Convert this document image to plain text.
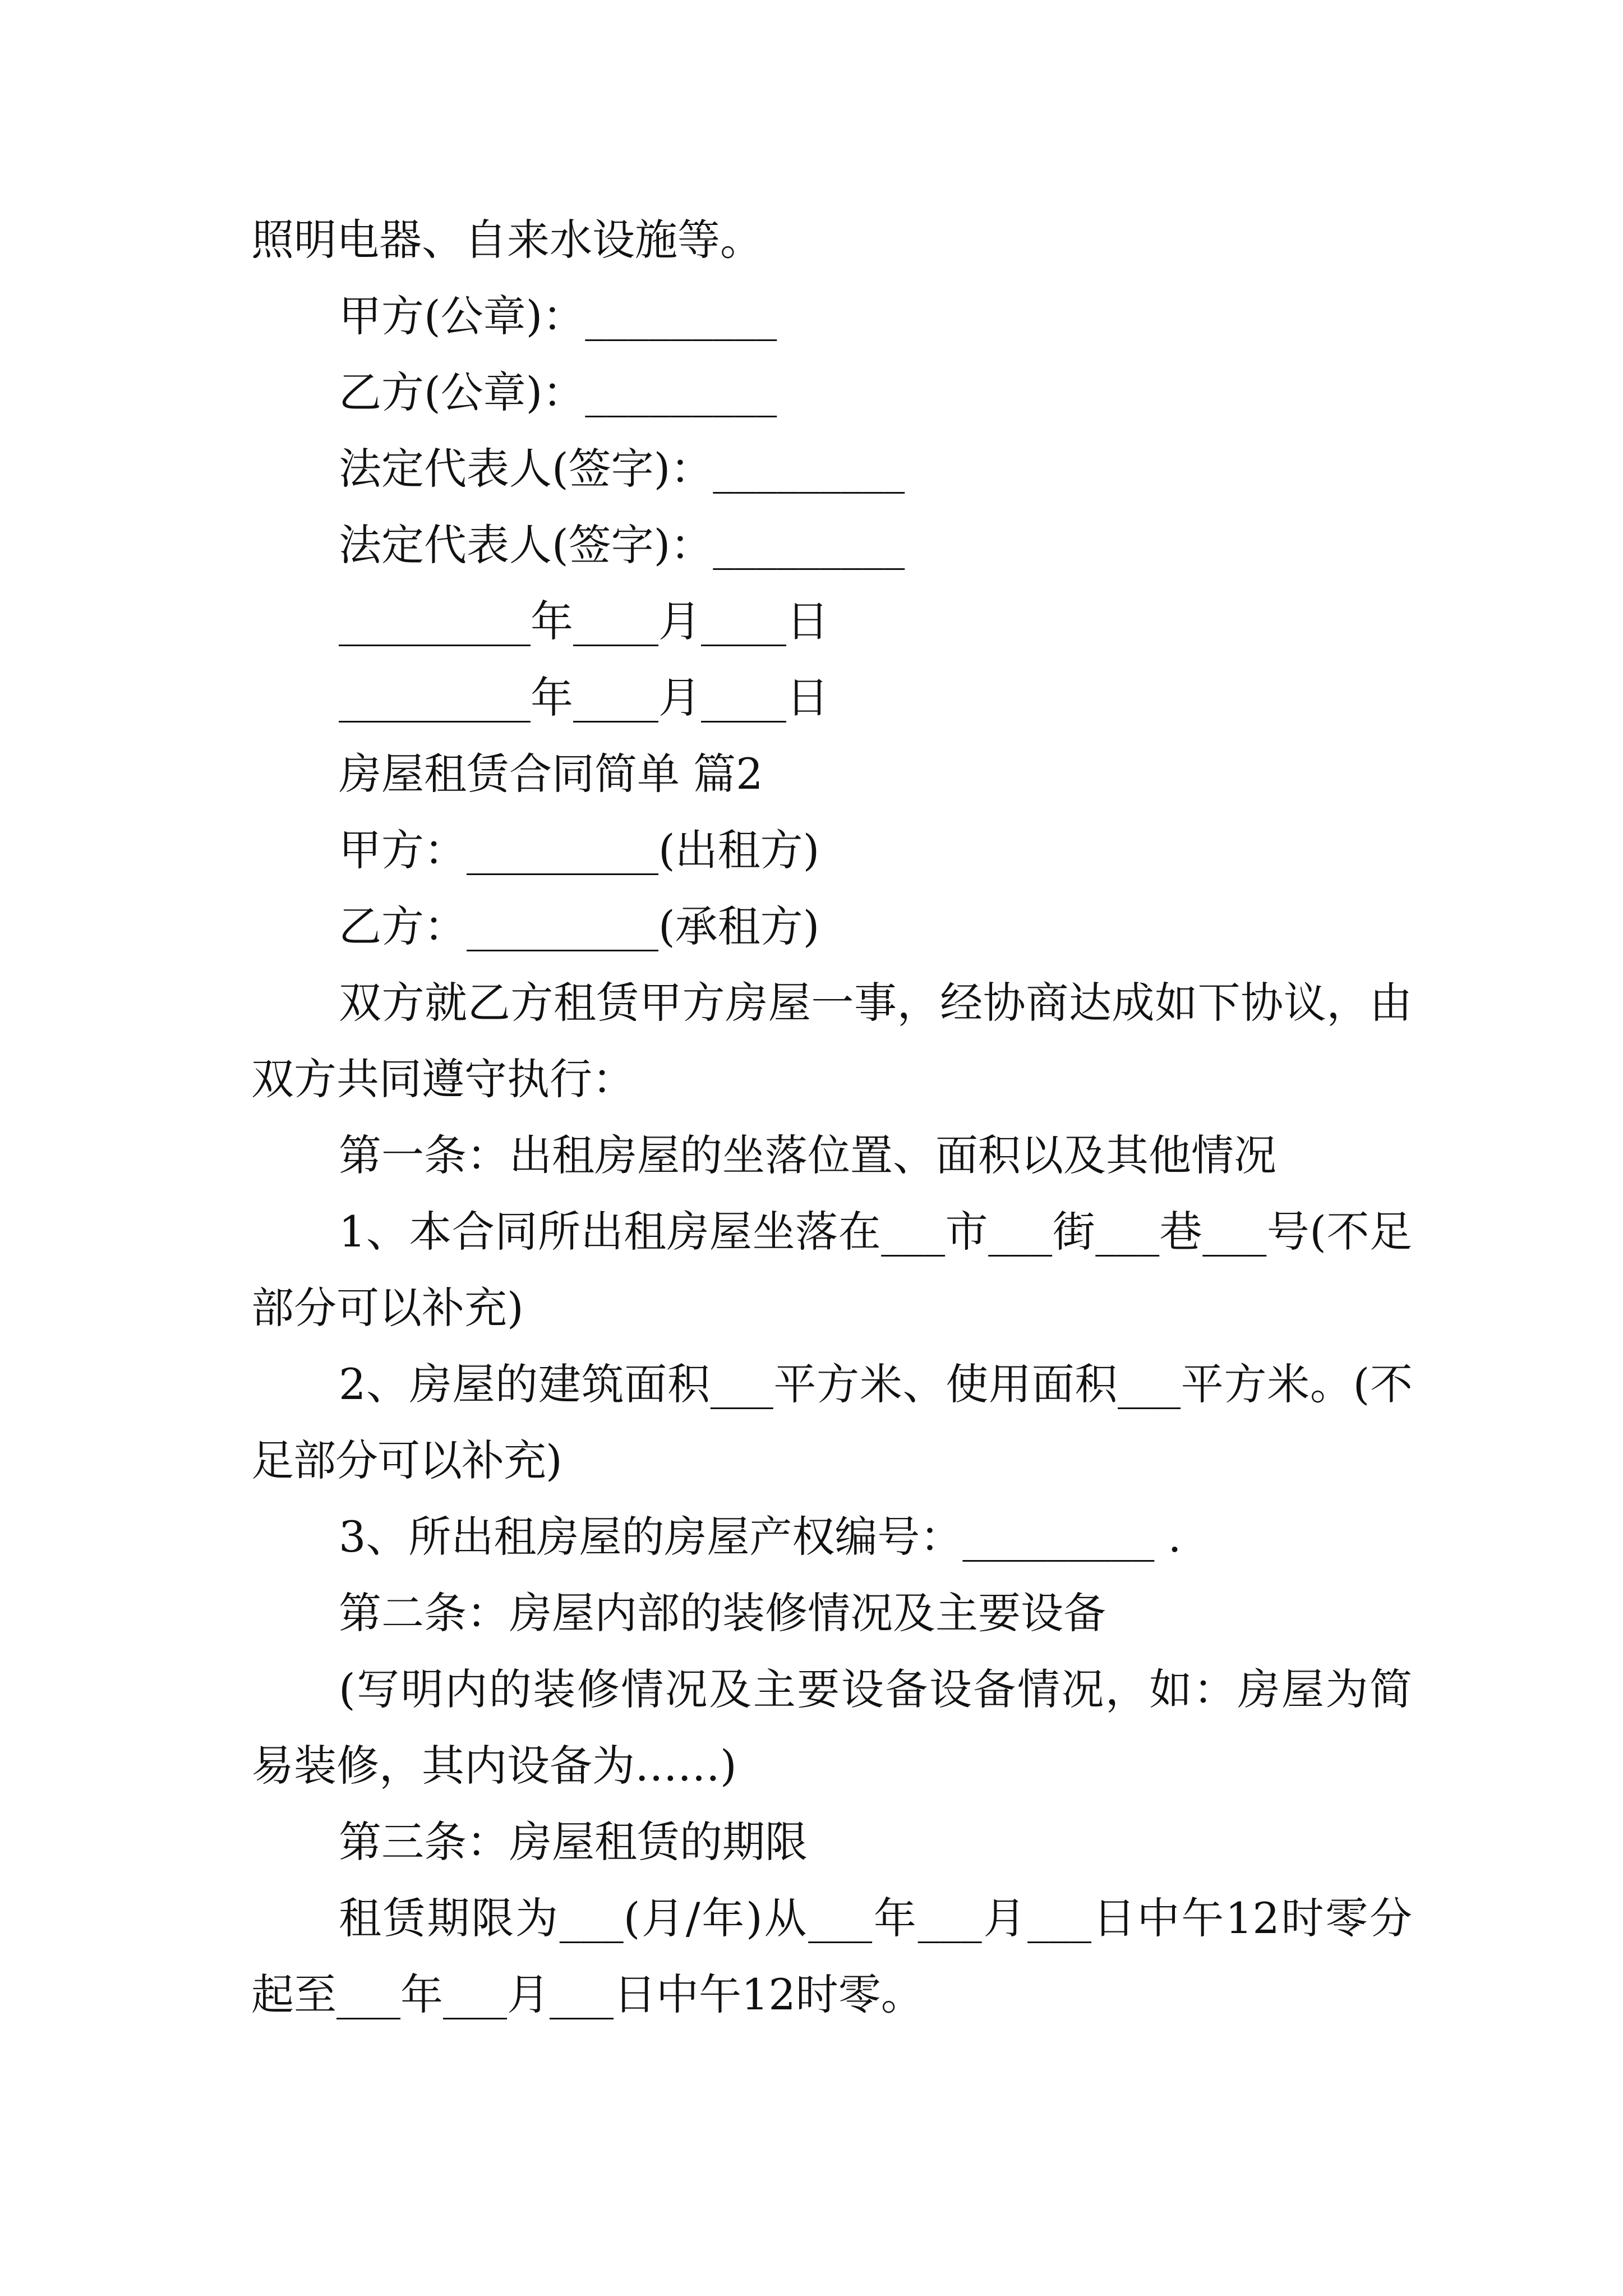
照明电器、自来水设施等。

甲方(公章)：_________

乙方(公章)：_________

法定代表人(签字)：_________

法定代表人(签字)：_________

_________年____月____日

_________年____月____日

房屋租赁合同简单 篇2

甲方：_________(出租方)

乙方：_________(承租方)

双方就乙方租赁甲方房屋一事，经协商达成如下协议，由双方共同遵守执行：

第一条：出租房屋的坐落位置、面积以及其他情况

1、本合同所出租房屋坐落在___市___街___巷___号(不足部分可以补充)

2、房屋的建筑面积___平方米、使用面积___平方米。(不足部分可以补充)

3、所出租房屋的房屋产权编号：_________ .

第二条：房屋内部的装修情况及主要设备

(写明内的装修情况及主要设备设备情况，如：房屋为简易装修，其内设备为……)

第三条：房屋租赁的期限

租赁期限为___(月/年)从___年___月___日中午12时零分起至___年___月___日中午12时零。
